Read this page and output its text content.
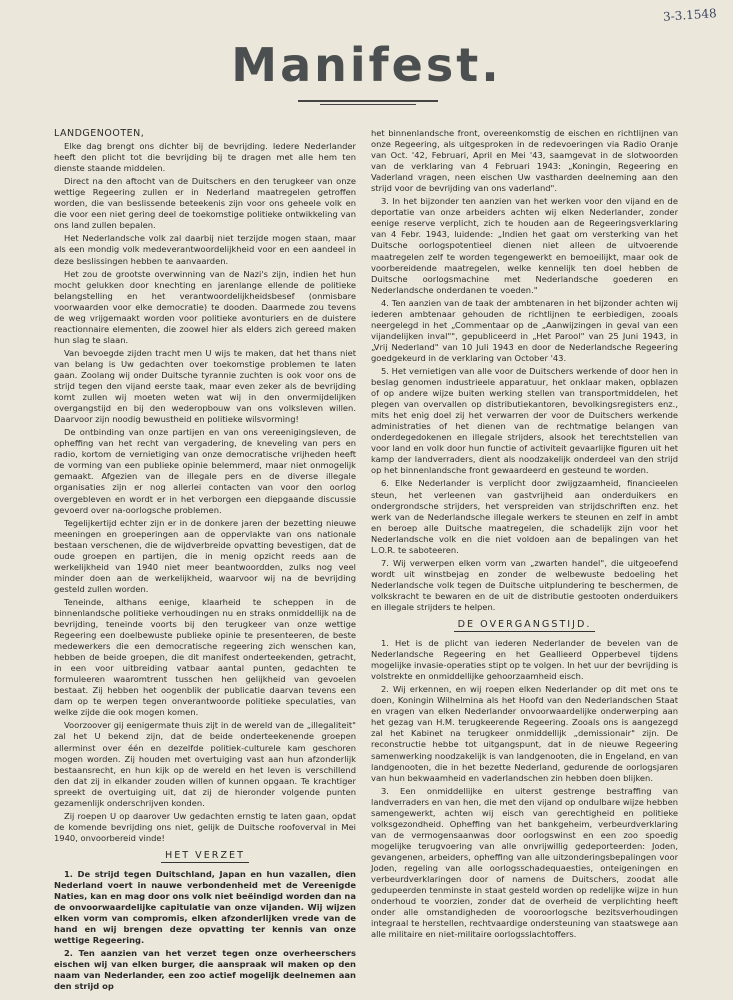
3-3.1548
Manifest.

LANDGENOOTEN,

Elke dag brengt ons dichter bij de bevrijding. Iedere Nederlander heeft den plicht tot die bevrijding bij te dragen met alle hem ten dienste staande middelen.

Direct na den aftocht van de Duitschers en den terugkeer van onze wettige Regeering zullen er in Nederland maatregelen getroffen worden, die van beslissende beteekenis zijn voor ons geheele volk en die voor een niet gering deel de toekomstige politieke ontwikkeling van ons land zullen bepalen.

Het Nederlandsche volk zal daarbij niet terzijde mogen staan, maar als een mondig volk medeverantwoordelijkheid voor en een aandeel in deze beslissingen hebben te aanvaarden.

Het zou de grootste overwinning van de Nazi's zijn, indien het hun mocht gelukken door knechting en jarenlange ellende de politieke belangstelling en het verantwoordelijkheidsbesef (onmisbare voorwaarden voor elke democratie) te dooden. Daarmede zou tevens de weg vrijgemaakt worden voor politieke avonturiers en de duistere reactionnaire elementen, die zoowel hier als elders zich gereed maken hun slag te slaan.

Van bevoegde zijden tracht men U wijs te maken, dat het thans niet van belang is Uw gedachten over toekomstige problemen te laten gaan. Zoolang wij onder Duitsche tyrannie zuchten is ook voor ons de strijd tegen den vijand eerste taak, maar even zeker als de bevrijding komt zullen wij moeten weten wat wij in den onvermijdelijken overgangstijd en bij den wederopbouw van ons volksleven willen. Daarvoor zijn noodig bewustheid en politieke wilsvorming!

De ontbinding van onze partijen en van ons vereenigingsleven, de opheffing van het recht van vergadering, de kneveling van pers en radio, kortom de vernietiging van onze democratische vrijheden heeft de vorming van een publieke opinie belemmerd, maar niet onmogelijk gemaakt. Afgezien van de illegale pers en de diverse illegale organisaties zijn er nog allerlei contacten van voor den oorlog overgebleven en wordt er in het verborgen een diepgaande discussie gevoerd over na-oorlogsche problemen.

Tegelijkertijd echter zijn er in de donkere jaren der bezetting nieuwe meeningen en groeperingen aan de oppervlakte van ons nationale bestaan verschenen, die de wijdverbreide opvatting bevestigen, dat de oude groepen en partijen, die in menig opzicht reeds aan de werkelijkheid van 1940 niet meer beantwoordden, zulks nog veel minder doen aan de werkelijkheid, waarvoor wij na de bevrijding gesteld zullen worden.

Teneinde, althans eenige, klaarheid te scheppen in de binnenlandsche politieke verhoudingen nu en straks onmiddellijk na de bevrijding, teneinde voorts bij den terugkeer van onze wettige Regeering een doelbewuste publieke opinie te presenteeren, de beste medewerkers die een democratische regeering zich wenschen kan, hebben de beide groepen, die dit manifest onderteekenden, getracht, in een voor uitbreiding vatbaar aantal punten, gedachten te formuleeren waaromtrent tusschen hen gelijkheid van gevoelen bestaat. Zij hebben het oogenblik der publicatie daarvan tevens een dam op te werpen tegen onverantwoorde politieke speculaties, van welke zijde die ook mogen komen.

Voorzoover gij eenigermate thuis zijt in de wereld van de „illegaliteit" zal het U bekend zijn, dat de beide onderteekenende groepen allerminst over één en dezelfde politiek-culturele kam geschoren mogen worden. Zij houden met overtuiging vast aan hun afzonderlijk bestaansrecht, en hun kijk op de wereld en het leven is verschillend den dat zij in elkander zouden willen of kunnen opgaan. Te krachtiger spreekt de overtuiging uit, dat zij de hieronder volgende punten gezamenlijk onderschrijven konden.

Zij roepen U op daarover Uw gedachten ernstig te laten gaan, opdat de komende bevrijding ons niet, gelijk de Duitsche roofoverval in Mei 1940, onvoorbereid vinde!

HET VERZET

1. De strijd tegen Duitschland, Japan en hun vazallen, dien Nederland voert in nauwe verbondenheid met de Vereenigde Naties, kan en mag door ons volk niet beëindigd worden dan na de onvoorwaardelijke capitulatie van onze vijanden. Wij wijzen elken vorm van compromis, elken afzonderlijken vrede van de hand en wij brengen deze opvatting ter kennis van onze wettige Regeering.

2. Ten aanzien van het verzet tegen onze overheerschers eischen wij van elken burger, die aanspraak wil maken op den naam van Nederlander, een zoo actief mogelijk deelnemen aan den strijd op

het binnenlandsche front, overeenkomstig de eischen en richtlijnen van onze Regeering, als uitgesproken in de redevoeringen via Radio Oranje van Oct. '42, Februari, April en Mei '43, saamgevat in de slotwoorden van de verklaring van 4 Februari 1943: „Koningin, Regeering en Vaderland vragen, neen eischen Uw vastharden deelneming aan den strijd voor de bevrijding van ons vaderland".

3. In het bijzonder ten aanzien van het werken voor den vijand en de deportatie van onze arbeiders achten wij elken Nederlander, zonder eenige reserve verplicht, zich te houden aan de Regeeringsverklaring van 4 Febr. 1943, luidende: „Indien het gaat om versterking van het Duitsche oorlogspotentieel dienen niet alleen de uitvoerende maatregelen zelf te worden tegengewerkt en bemoeilijkt, maar ook de voorbereidende maatregelen, welke kennelijk ten doel hebben de Duitsche oorlogsmachine met Nederlandsche goederen en Nederlandsche onderdanen te voeden."

4. Ten aanzien van de taak der ambtenaren in het bijzonder achten wij iederen ambtenaar gehouden de richtlijnen te eerbiedigen, zooals neergelegd in het „Commentaar op de „Aanwijzingen in geval van een vijandelijken inval"", gepubliceerd in „Het Parool" van 25 Juni 1943, in „Vrij Nederland" van 10 Juli 1943 en door de Nederlandsche Regeering goedgekeurd in de verklaring van October '43.

5. Het vernietigen van alle voor de Duitschers werkende of door hen in beslag genomen industrieele apparatuur, het onklaar maken, opblazen of op andere wijze buiten werking stellen van transportmiddelen, het plegen van overvallen op distributiekantoren, bevolkingsregisters enz., mits het enig doel zij het verwarren der voor de Duitschers werkende administraties of het dienen van de rechtmatige belangen van onderdegedokenen en illegale strijders, alsook het terechtstellen van voor land en volk door hun functie of activiteit gevaarlijke figuren uit het kamp der landverraders, dient als noodzakelijk onderdeel van den strijd op het binnenlandsche front gewaardeerd en gesteund te worden.

6. Elke Nederlander is verplicht door zwijgzaamheid, financieelen steun, het verleenen van gastvrijheid aan onderduikers en ondergrondsche strijders, het verspreiden van strijdschriften enz. het werk van de Nederlandsche illegale werkers te steunen en zelf in ambt en beroep alle Duitsche maatregelen, die schadelijk zijn voor het Nederlandsche volk en die niet voldoen aan de bepalingen van het L.O.R. te saboteeren.

7. Wij verwerpen elken vorm van „zwarten handel", die uitgeoefend wordt uit winstbejag en zonder de welbewuste bedoeling het Nederlandsche volk tegen de Duitsche uitplundering te beschermen, de volkskracht te bewaren en de uit de distributie gestooten onderduikers en illegale strijders te helpen.

DE OVERGANGSTIJD.

1. Het is de plicht van iederen Nederlander de bevelen van de Nederlandsche Regeering en het Geallieerd Opperbevel tijdens mogelijke invasie-operaties stipt op te volgen. In het uur der bevrijding is volstrekte en onmiddellijke gehoorzaamheid eisch.

2. Wij erkennen, en wij roepen elken Nederlander op dit met ons te doen, Koningin Wilhelmina als het Hoofd van den Nederlandschen Staat en vragen van elken Nederlander onvoorwaardelijke onderwerping aan het gezag van H.M. terugkeerende Regeering. Zooals ons is aangezegd zal het Kabinet na terugkeer onmiddellijk „demissionair" zijn. De reconstructie hebbe tot uitgangspunt, dat in de nieuwe Regeering samenwerking noodzakelijk is van landgenooten, die in Engeland, en van landgenooten, die in het bezette Nederland, gedurende de oorlogsjaren van hun bekwaamheid en vaderlandschen zin hebben doen blijken.

3. Een onmiddellijke en uiterst gestrenge bestraffing van landverraders en van hen, die met den vijand op ondulbare wijze hebben samengewerkt, achten wij eisch van gerechtigheid en politieke volksgezondheid. Opheffing van het bankgeheim, verbeurdverklaring van de vermogensaanwas door oorlogswinst en een zoo spoedig mogelijke terugvoering van alle onvrijwillig gedeporteerden: Joden, gevangenen, arbeiders, opheffing van alle uitzonderingsbepalingen voor Joden, regeling van alle oorlogsschadequaesties, onteigeningen en verbeurdverklaringen door of namens de Duitschers, zoodat alle gedupeerden tenminste in staat gesteld worden op redelijke wijze in hun onderhoud te voorzien, zonder dat de overheid de verplichting heeft onder alle omstandigheden de vooroorlogsche bezitsverhoudingen integraal te herstellen, rechtvaardige ondersteuning van staatswege aan alle militaire en niet-militaire oorlogsslachtoffers.
